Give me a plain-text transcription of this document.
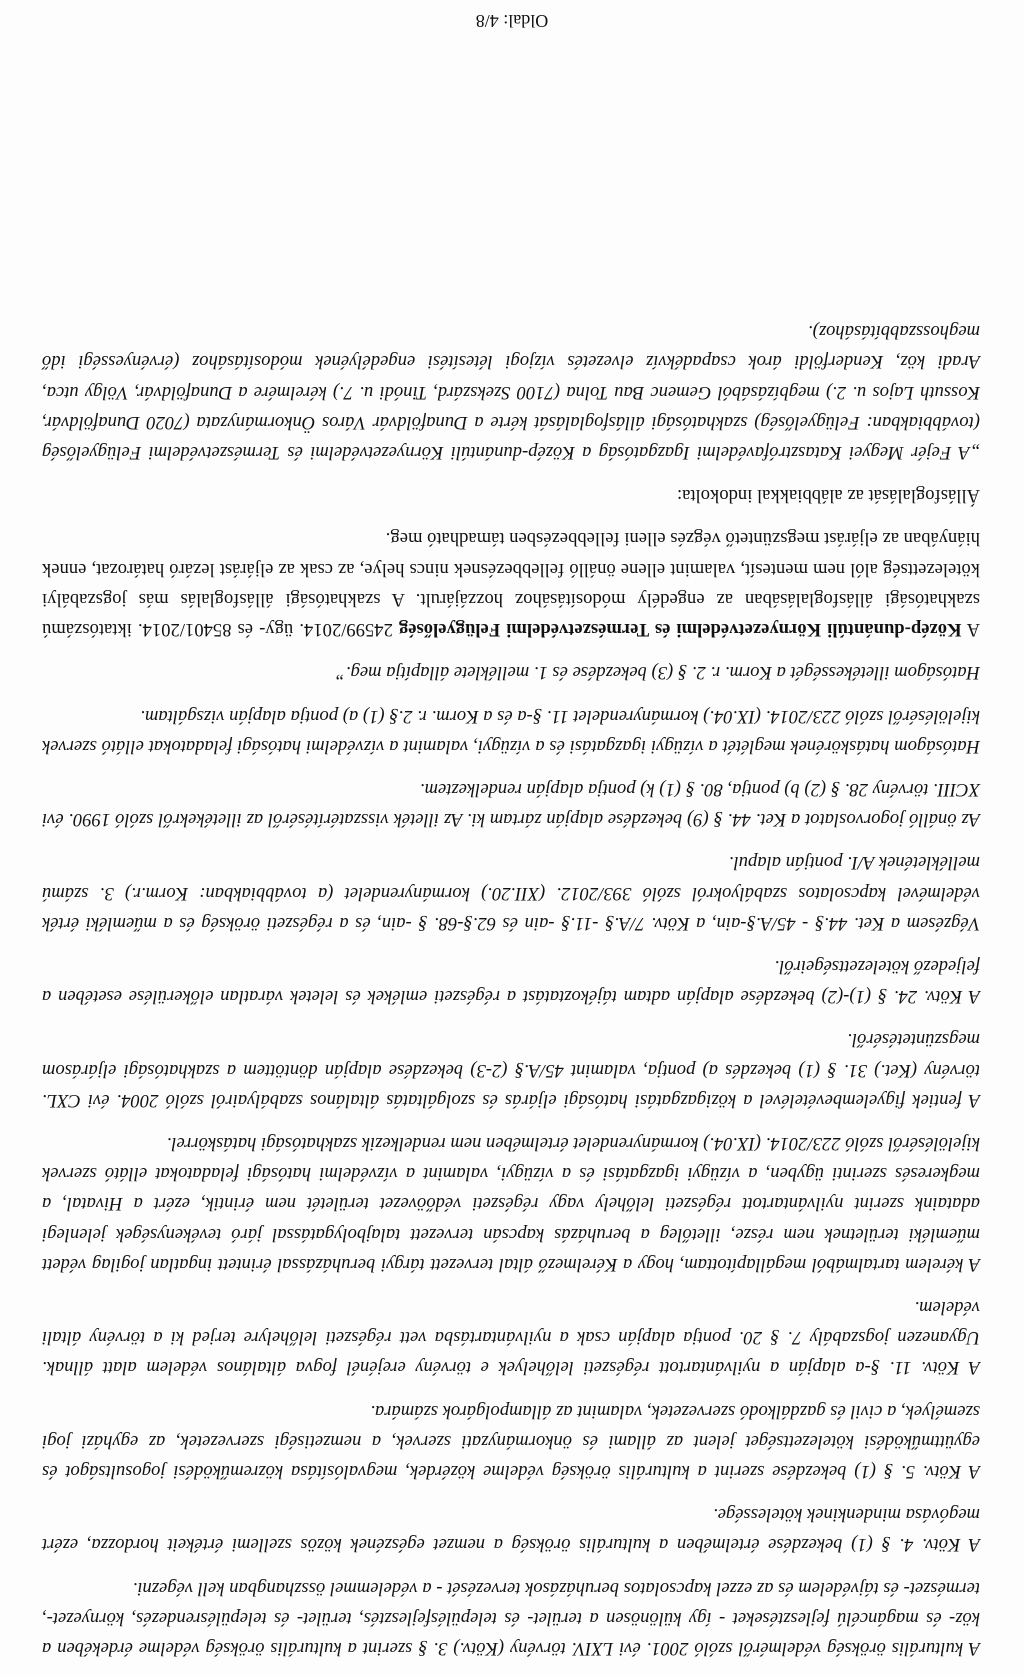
A kulturális örökség védelméről szóló 2001. évi LXIV. törvény (Kötv.) 3. § szerint a kulturális örökség védelme érdekében a köz- és magáncélú fejlesztéseket - így különösen a terület- és településfejlesztés, terület- és településrendezés, környezet-, természet- és tájvédelem és az ezzel kapcsolatos beruházások tervezését - a védelemmel összhangban kell végezni.

A Kötv. 4. § (1) bekezdése értelmében a kulturális örökség a nemzet egészének közös szellemi értékeit hordozza, ezért megóvása mindenkinek kötelessége.

A Kötv. 5. § (1) bekezdése szerint a kulturális örökség védelme közérdek, megvalósítása közreműködési jogosultságot és együttműködési kötelezettséget jelent az állami és önkormányzati szervek, a nemzetiségi szervezetek, az egyházi jogi személyek, a civil és gazdálkodó szervezetek, valamint az állampolgárok számára.

A Kötv. 11. §-a alapján a nyilvántartott régészeti lelőhelyek e törvény erejénél fogva általános védelem alatt állnak. Ugyanezen jogszabály 7. § 20. pontja alapján csak a nyilvántartásba vett régészeti lelőhelyre terjed ki a törvény általi védelem.

A kérelem tartalmából megállapítottam, hogy a Kérelmező által tervezett tárgyi beruházással érintett ingatlan jogilag védett műemléki területnek nem része, illetőleg a beruházás kapcsán tervezett talajbolygatással járó tevékenységek jelenlegi adataink szerint nyilvántartott régészeti lelőhely vagy régészeti védőövezet területét nem érintik, ezért a Hivatal, a megkeresés szerinti ügyben, a vízügyi igazgatási és a vízügyi, valamint a vízvédelmi hatósági feladatokat ellátó szervek kijelöléséről szóló 223/2014. (IX.04.) kormányrendelet értelmében nem rendelkezik szakhatósági hatáskörrel.

A fentiek figyelembevételével a közigazgatási hatósági eljárás és szolgáltatás általános szabályairól szóló 2004. évi CXL. törvény (Ket.) 31. § (1) bekezdés a) pontja, valamint 45/A.§ (2-3) bekezdése alapján döntöttem a szakhatósági eljárásom megszüntetéséről.

A Kötv. 24. § (1)-(2) bekezdése alapján adtam tájékoztatást a régészeti emlékek és leletek váratlan előkerülése esetében a feljedező kötelezettségeiről.

Végzésem a Ket. 44.§ - 45/A.§-ain, a Kötv. 7/A.§ -11.§ -ain és 62.§-68. § -ain, és a régészeti örökség és a műemléki érték védelmével kapcsolatos szabályokról szóló 393/2012. (XII.20.) kormányrendelet (a továbbiakban: Korm.r.) 3. számú mellékletének A/I. pontján alapul.

Az önálló jogorvoslatot a Ket. 44. § (9) bekezdése alapján zártam ki. Az illeték visszatérítéséről az illetékekről szóló 1990. évi XCIII. törvény 28. § (2) b) pontja, 80. § (1) k) pontja alapján rendelkeztem.

Hatóságom hatáskörének meglétét a vízügyi igazgatási és a vízügyi, valamint a vízvédelmi hatósági feladatokat ellátó szervek kijelöléséről szóló 223/2014. (IX.04.) kormányrendelet 11. §-a és a Korm. r. 2.§ (1) a) pontja alapján vizsgáltam.

Hatóságom illetékességét a Korm. r. 2. § (3) bekezdése és 1. melléklete állapítja meg.”

A Közép-dunántúli Környezetvédelmi és Természetvédelmi Felügyelőség 24599/2014. ügy- és 85401/2014. iktatószámú szakhatósági állásfoglalásában az engedély módosításához hozzájárult. A szakhatósági állásfoglalás más jogszabályi kötelezettség alól nem mentesít, valamint ellene önálló fellebbezésnek nincs helye, az csak az eljárást lezáró határozat, ennek hiányában az eljárást megszüntető végzés elleni fellebbezésben támadható meg.

Állásfoglalását az alábbiakkal indokolta:

„A Fejér Megyei Katasztrófavédelmi Igazgatóság a Közép-dunántúli Környezetvédelmi és Természetvédelmi Felügyelőség (továbbiakban: Felügyelőség) szakhatósági állásfoglalását kérte a Dunaföldvár Város Önkormányzata (7020 Dunaföldvár, Kossuth Lajos u. 2.) megbízásából Gemenc Bau Tolna (7100 Szekszárd, Tinódi u. 7.) kérelmére a Dunaföldvár, Völgy utca, Aradi köz, Kenderföldi árok csapadékvíz elvezetés vízjogi létesítési engedélyének módosításához (érvényességi idő meghosszabbításához).

Oldal: 4/8
